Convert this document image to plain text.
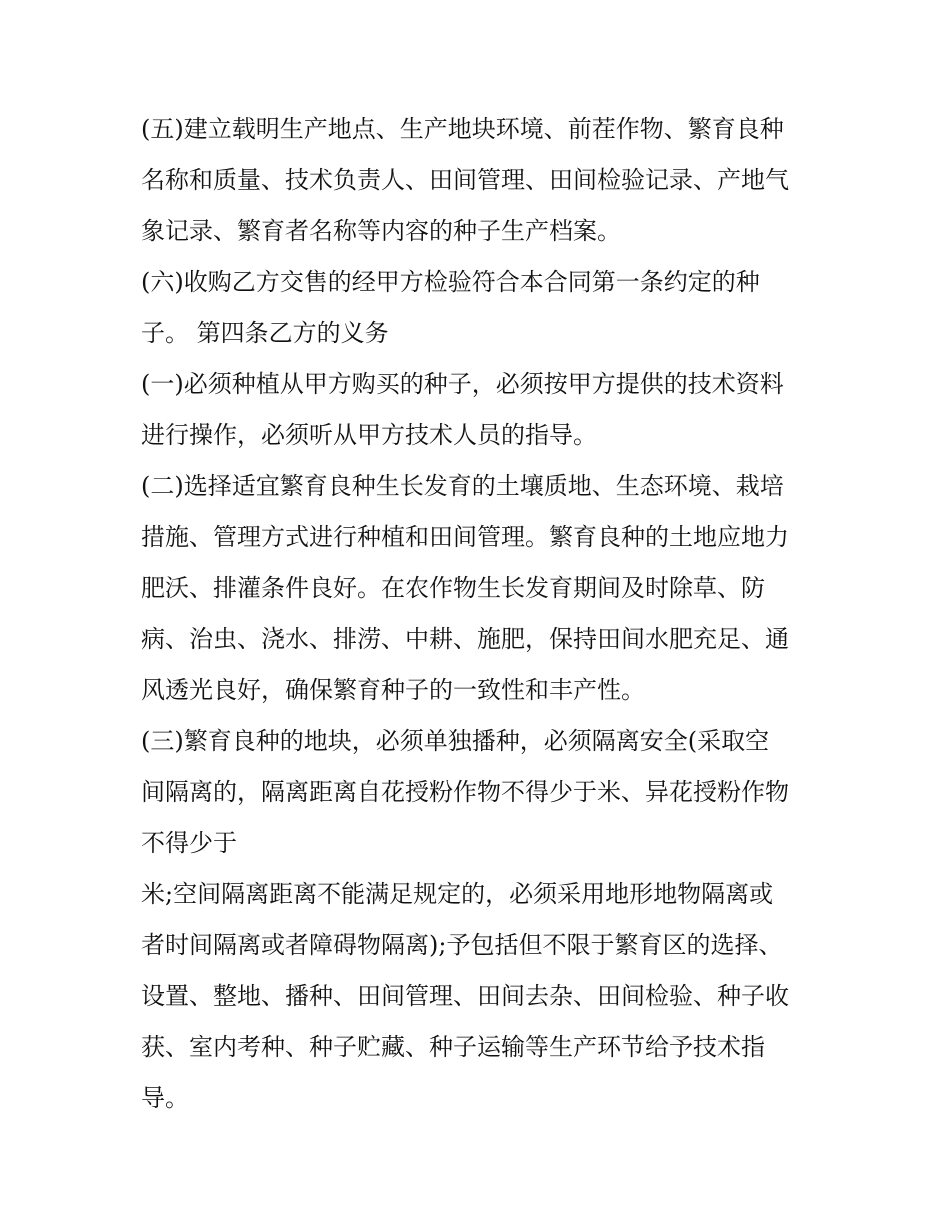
(五)建立载明生产地点、生产地块环境、前茬作物、繁育良种
名称和质量、技术负责人、田间管理、田间检验记录、产地气
象记录、繁育者名称等内容的种子生产档案。
(六)收购乙方交售的经甲方检验符合本合同第一条约定的种
子。 第四条乙方的义务
(一)必须种植从甲方购买的种子，必须按甲方提供的技术资料
进行操作，必须听从甲方技术人员的指导。
(二)选择适宜繁育良种生长发育的土壤质地、生态环境、栽培
措施、管理方式进行种植和田间管理。繁育良种的土地应地力
肥沃、排灌条件良好。在农作物生长发育期间及时除草、防
病、治虫、浇水、排涝、中耕、施肥，保持田间水肥充足、通
风透光良好，确保繁育种子的一致性和丰产性。
(三)繁育良种的地块，必须单独播种，必须隔离安全(采取空
间隔离的，隔离距离自花授粉作物不得少于米、异花授粉作物
不得少于
米;空间隔离距离不能满足规定的，必须采用地形地物隔离或
者时间隔离或者障碍物隔离);予包括但不限于繁育区的选择、
设置、整地、播种、田间管理、田间去杂、田间检验、种子收
获、室内考种、种子贮藏、种子运输等生产环节给予技术指
导。
